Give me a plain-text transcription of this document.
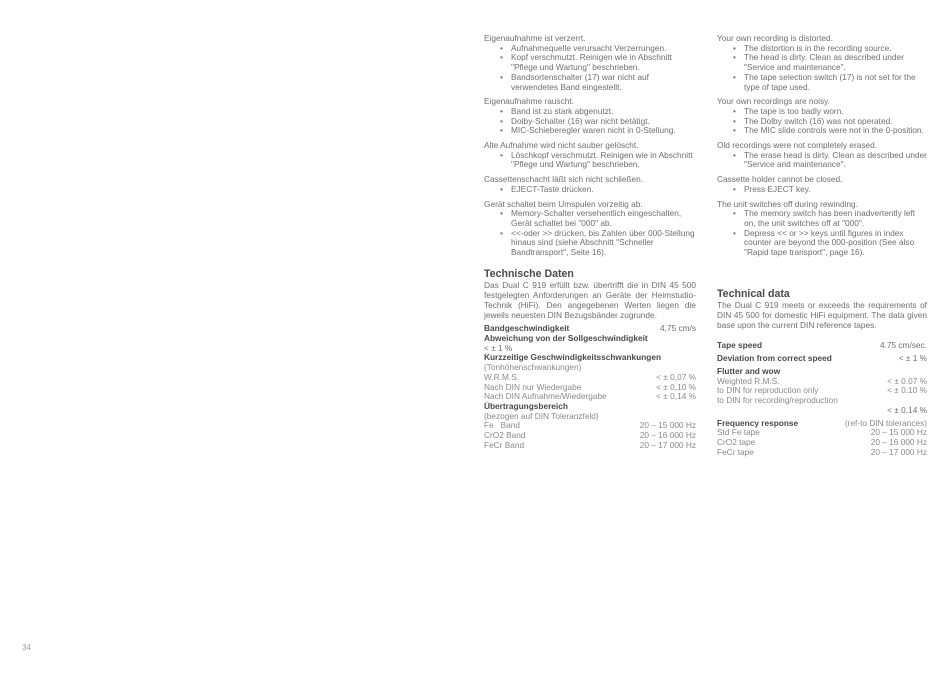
34

Eigenaufnahme ist verzerrt.

• Aufnahmequelle verursacht Verzerrungen.
• Kopf verschmutzt. Reinigen wie in Abschnitt "Pflege und Wartung" beschrieben.
• Bandsortenschalter (17) war nicht auf verwendetes Band eingestellt.

Eigenaufnahme rauscht.

• Band ist zu stark abgenutzt.
• Dolby-Schalter (16) war nicht betätigt.
• MIC-Schieberegler waren nicht in 0-Stellung.

Alte Aufnahme wird nicht sauber gelöscht.

• Löschkopf verschmutzt. Reinigen wie in Abschnitt "Pflege und Wartung" beschrieben.

Cassettenschacht läßt sich nicht schließen.

• EJECT-Taste drücken.

Gerät schaltet beim Umspulen vorzeitig ab.

• Memory-Schalter versehentlich eingeschalten, Gerät schaltet bei "000" ab.
• <<-oder >> drücken, bis Zahlen über 000-Stellung hinaus sind (siehe Abschnitt "Schneller Bandtransport", Seite 16).
Technische Daten

Das Dual C 919 erfüllt bzw. übertrifft die in DIN 45 500 festgelegten Anforderungen an Geräte der Heimstudio-Technik (HiFi). Den angegebenen Werten liegen die jeweils neuesten DIN Bezugsbänder zugrunde.

Bandgeschwindigkeit	4,75 cm/s
Abweichung von der Sollgeschwindigkeit
< ± 1 %
Kurzzeitige Geschwindigkeitsschwankungen
(Tonhöhenschwankungen)
W.R.M.S.	< ± 0,07 %
Nach DIN nur Wiedergabe	< ± 0,10 %
Nach DIN Aufnahme/Wiedergabe	< ± 0,14 %
Übertragungsbereich
(bezogen auf DIN Toleranzfeld)
Fe   Band	20 – 15 000 Hz
CrO2 Band	20 – 16 000 Hz
FeCr Band	20 – 17 000 Hz

Your own recording is distorted.

• The distortion is in the recording source.
• The head is dirty. Clean as described under "Service and maintenance".
• The tape selection switch (17) is not set for the type of tape used.

Your own recordings are noisy.

• The tape is too badly worn.
• The Dolby switch (16) was not operated.
• The MIC slide controls were not in the 0-position.

Old recordings were not completely erased.

• The erase head is dirty. Clean as described under "Service and maintenance".

Cassette holder cannot be closed.

• Press EJECT key.

The unit switches off during rewinding.

• The memory switch has been inadvertently left on, the unit switches off at "000".
• Depress << or >> keys until figures in index counter are beyond the 000-position (See also "Rapid tape transport", page 16).
Technical data

The Dual C 919 meets or exceeds the requirements of DIN 45 500 for domestic HiFi equipment. The data given base upon the current DIN reference tapes.

Tape speed	4.75 cm/sec.
Deviation from correct speed	< ± 1 %
Flutter and wow
Weighted R.M.S.	< ± 0.07 %
to DIN for reproduction only	< ± 0.10 %
to DIN for recording/reproduction
< ± 0.14 %
Frequency response	(ref-to DIN tolerances)
Std Fe tape	20 – 15 000 Hz
CrO2 tape	20 – 16 000 Hz
FeCr tape	20 – 17 000 Hz
